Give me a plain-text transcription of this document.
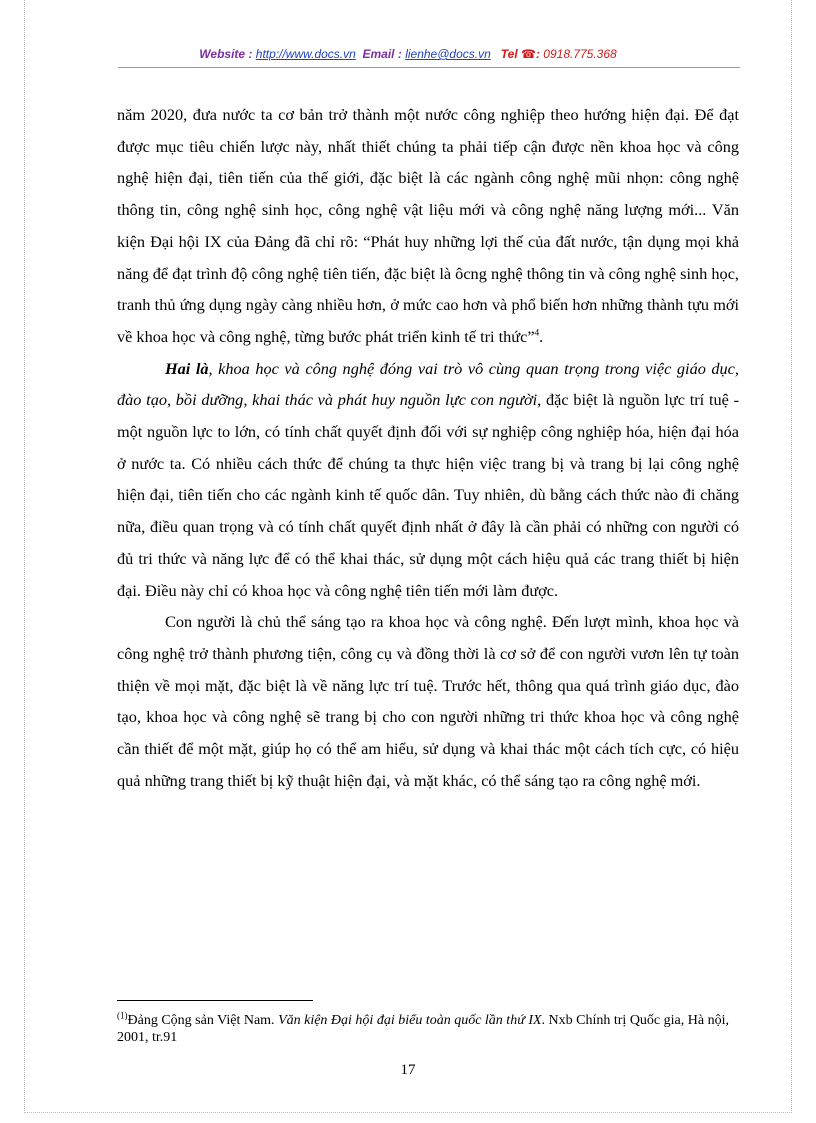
Website : http://www.docs.vn Email : lienhe@docs.vn Tel ☎: 0918.775.368

năm 2020, đưa nước ta cơ bản trở thành một nước công nghiệp theo hướng hiện đại. Để đạt được mục tiêu chiến lược này, nhất thiết chúng ta phải tiếp cận được nền khoa học và công nghệ hiện đại, tiên tiến của thế giới, đặc biệt là các ngành công nghệ mũi nhọn: công nghệ thông tin, công nghệ sinh học, công nghệ vật liệu mới và công nghệ năng lượng mới... Văn kiện Đại hội IX của Đảng đã chỉ rõ: “Phát huy những lợi thế của đất nước, tận dụng mọi khả năng để đạt trình độ công nghệ tiên tiến, đặc biệt là ôcng nghệ thông tin và công nghệ sinh học, tranh thủ ứng dụng ngày càng nhiều hơn, ở mức cao hơn và phổ biến hơn những thành tựu mới về khoa học và công nghệ, từng bước phát triển kinh tế tri thức”$^4$.

Hai là, khoa học và công nghệ đóng vai trò vô cùng quan trọng trong việc giáo dục, đào tạo, bồi dưỡng, khai thác và phát huy nguồn lực con người, đặc biệt là nguồn lực trí tuệ - một nguồn lực to lớn, có tính chất quyết định đối với sự nghiệp công nghiệp hóa, hiện đại hóa ở nước ta. Có nhiều cách thức để chúng ta thực hiện việc trang bị và trang bị lại công nghệ hiện đại, tiên tiến cho các ngành kinh tế quốc dân. Tuy nhiên, dù bằng cách thức nào đi chăng nữa, điều quan trọng và có tính chất quyết định nhất ở đây là cần phải có những con người có đủ tri thức và năng lực để có thể khai thác, sử dụng một cách hiệu quả các trang thiết bị hiện đại. Điều này chỉ có khoa học và công nghệ tiên tiến mới làm được.

Con người là chủ thể sáng tạo ra khoa học và công nghệ. Đến lượt mình, khoa học và công nghệ trở thành phương tiện, công cụ và đồng thời là cơ sở để con người vươn lên tự toàn thiện về mọi mặt, đặc biệt là về năng lực trí tuệ. Trước hết, thông qua quá trình giáo dục, đào tạo, khoa học và công nghệ sẽ trang bị cho con người những tri thức khoa học và công nghệ cần thiết để một mặt, giúp họ có thể am hiểu, sử dụng và khai thác một cách tích cực, có hiệu quả những trang thiết bị kỹ thuật hiện đại, và mặt khác, có thể sáng tạo ra công nghệ mới.

$^{(1)}$Đảng Cộng sản Việt Nam. Văn kiện Đại hội đại biểu toàn quốc lần thứ IX. Nxb Chính trị Quốc gia, Hà nội, 2001, tr.91
17
